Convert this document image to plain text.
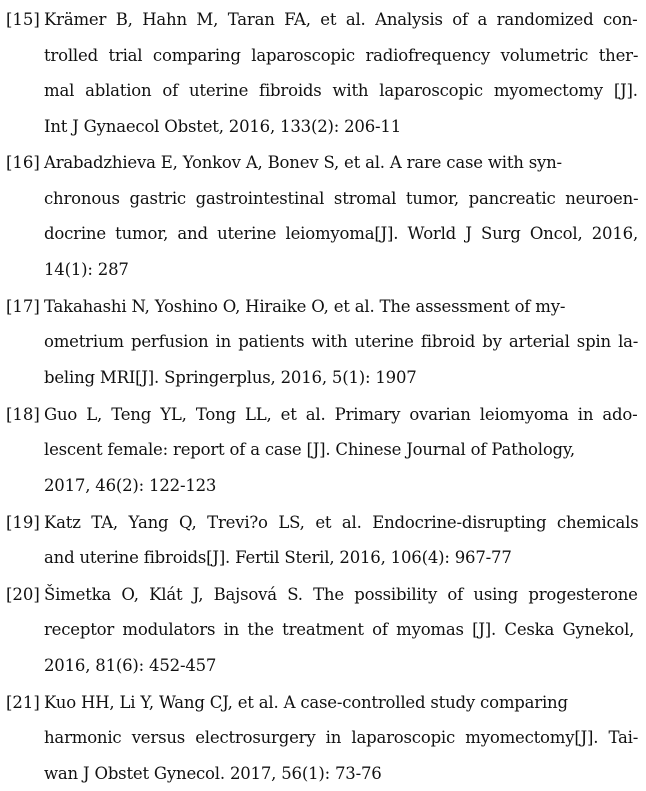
[15] Krämer B, Hahn M, Taran FA, et al. Analysis of a randomized con-
trolled trial comparing laparoscopic radiofrequency volumetric ther-
mal ablation of uterine fibroids with laparoscopic myomectomy [J].
Int J Gynaecol Obstet, 2016, 133(2): 206-11
[16] Arabadzhieva E, Yonkov A, Bonev S, et al. A rare case with syn-
chronous gastric gastrointestinal stromal tumor, pancreatic neuroen-
docrine tumor, and uterine leiomyoma[J]. World J Surg Oncol, 2016,
14(1): 287
[17] Takahashi N, Yoshino O, Hiraike O, et al. The assessment of my-
ometrium perfusion in patients with uterine fibroid by arterial spin la-
beling MRI[J]. Springerplus, 2016, 5(1): 1907
[18] Guo L, Teng YL, Tong LL, et al. Primary ovarian leiomyoma in ado-
lescent female: report of a case [J]. Chinese Journal of Pathology,
2017, 46(2): 122-123
[19] Katz TA, Yang Q, Trevi?o LS, et al. Endocrine-disrupting chemicals
and uterine fibroids[J]. Fertil Steril, 2016, 106(4): 967-77
[20] Šimetka O, Klát J, Bajsová S. The possibility of using progesterone
receptor modulators in the treatment of myomas [J]. Ceska Gynekol,
2016, 81(6): 452-457
[21] Kuo HH, Li Y, Wang CJ, et al. A case-controlled study comparing
harmonic versus electrosurgery in laparoscopic myomectomy[J]. Tai-
wan J Obstet Gynecol. 2017, 56(1): 73-76
